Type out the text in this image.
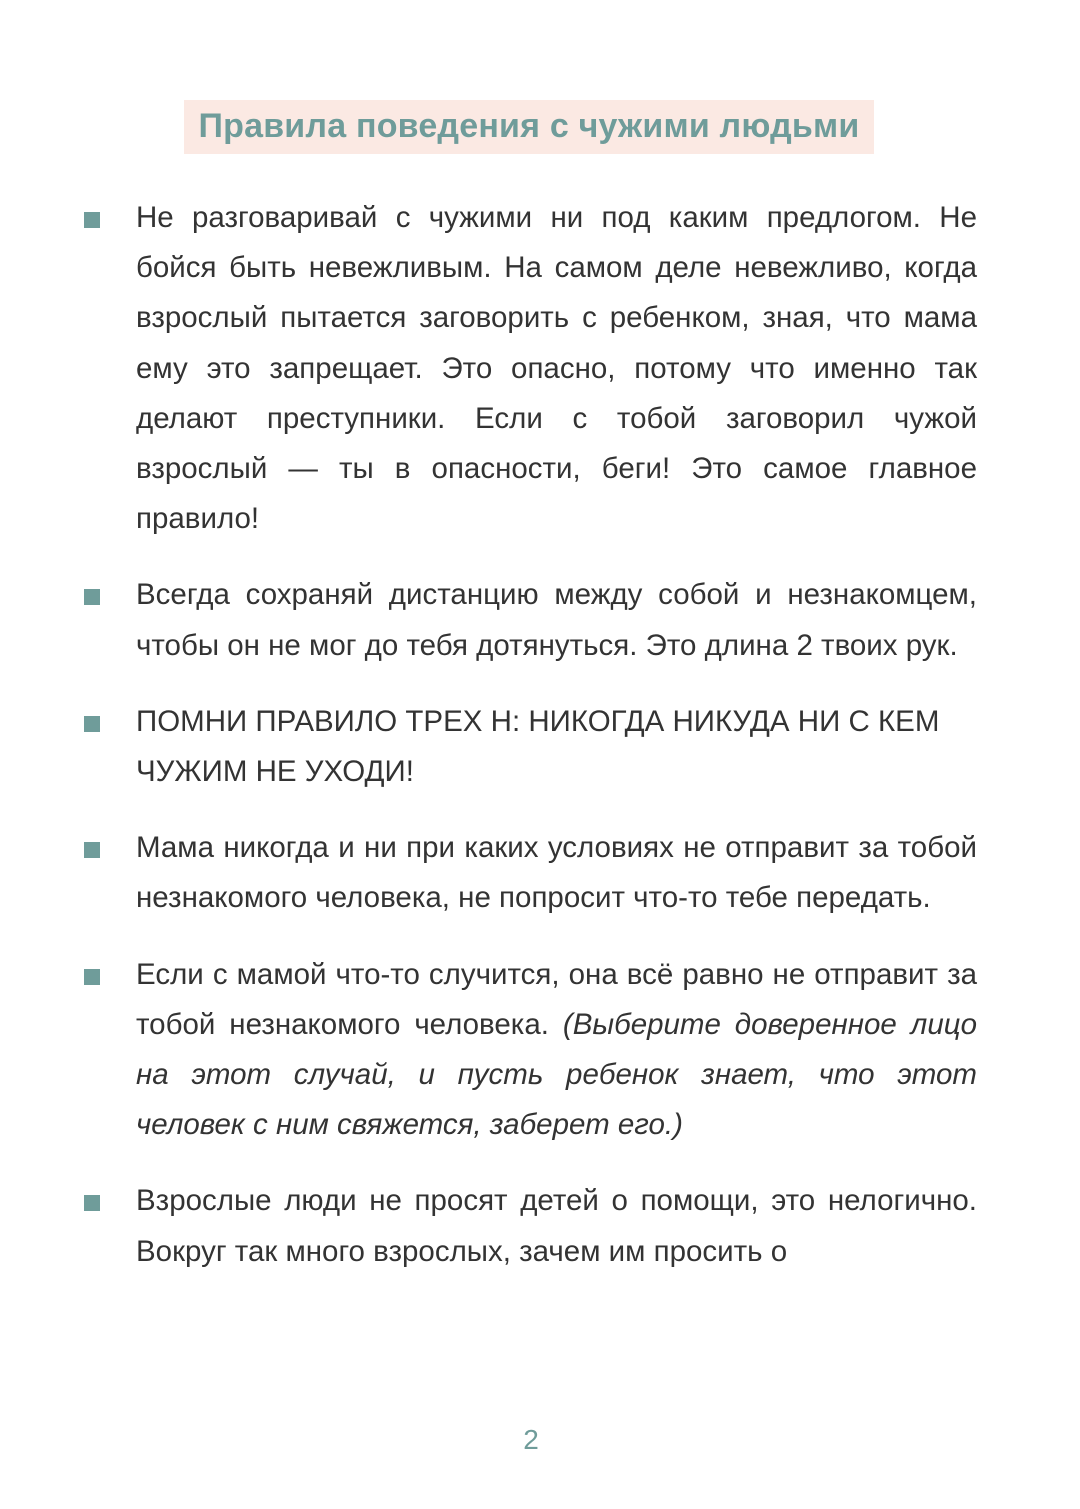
Правила поведения с чужими людьми
Не разговаривай с чужими ни под каким предлогом. Не бойся быть невежливым. На самом деле невежливо, когда взрослый пытается заговорить с ребенком, зная, что мама ему это запрещает. Это опасно, потому что именно так делают преступники. Если с тобой заговорил чужой взрослый — ты в опасности, беги! Это самое главное правило!
Всегда сохраняй дистанцию между собой и незнакомцем, чтобы он не мог до тебя дотянуться. Это длина 2 твоих рук.
ПОМНИ ПРАВИЛО ТРЕХ Н: НИКОГДА НИКУДА НИ С КЕМ ЧУЖИМ НЕ УХОДИ!
Мама никогда и ни при каких условиях не отправит за тобой незнакомого человека, не попросит что-то тебе передать.
Если с мамой что-то случится, она всё равно не отправит за тобой незнакомого человека. (Выберите доверенное лицо на этот случай, и пусть ребенок знает, что этот человек с ним свяжется, заберет его.)
Взрослые люди не просят детей о помощи, это нелогично. Вокруг так много взрослых, зачем им просить о
2
